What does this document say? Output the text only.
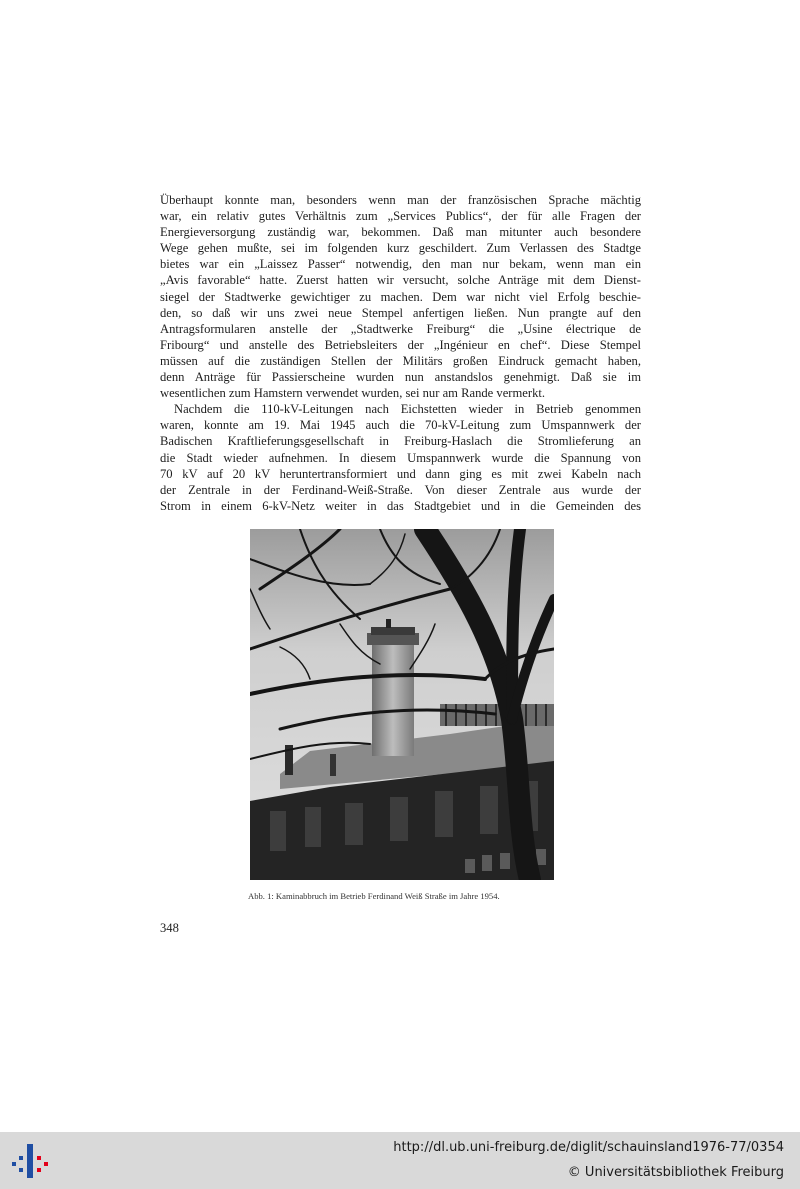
Überhaupt konnte man, besonders wenn man der französischen Sprache mächtig

war, ein relativ gutes Verhältnis zum „Services Publics“, der für alle Fragen der

Energieversorgung zuständig war, bekommen. Daß man mitunter auch besondere

Wege gehen mußte, sei im folgenden kurz geschildert. Zum Verlassen des Stadtge

bietes war ein „Laissez Passer“ notwendig, den man nur bekam, wenn man ein

„Avis favorable“ hatte. Zuerst hatten wir versucht, solche Anträge mit dem Dienst-

siegel der Stadtwerke gewichtiger zu machen. Dem war nicht viel Erfolg beschie-

den, so daß wir uns zwei neue Stempel anfertigen ließen. Nun prangte auf den

Antragsformularen anstelle der „Stadtwerke Freiburg“ die „Usine électrique de

Fribourg“ und anstelle des Betriebsleiters der „Ingénieur en chef“. Diese Stempel

müssen auf die zuständigen Stellen der Militärs großen Eindruck gemacht haben,

denn Anträge für Passierscheine wurden nun anstandslos genehmigt. Daß sie im

wesentlichen zum Hamstern verwendet wurden, sei nur am Rande vermerkt.

Nachdem die 110-kV-Leitungen nach Eichstetten wieder in Betrieb genommen

waren, konnte am 19. Mai 1945 auch die 70-kV-Leitung zum Umspannwerk der

Badischen Kraftlieferungsgesellschaft in Freiburg-Haslach die Stromlieferung an

die Stadt wieder aufnehmen. In diesem Umspannwerk wurde die Spannung von

70 kV auf 20 kV heruntertransformiert und dann ging es mit zwei Kabeln nach

der Zentrale in der Ferdinand-Weiß-Straße. Von dieser Zentrale aus wurde der

Strom in einem 6-kV-Netz weiter in das Stadtgebiet und in die Gemeinden des

Abb. 1: Kaminabbruch im Betrieb Ferdinand Weiß Straße im Jahre 1954.
348
http://dl.ub.uni-freiburg.de/diglit/schauinsland1976-77/0354
© Universitätsbibliothek Freiburg
